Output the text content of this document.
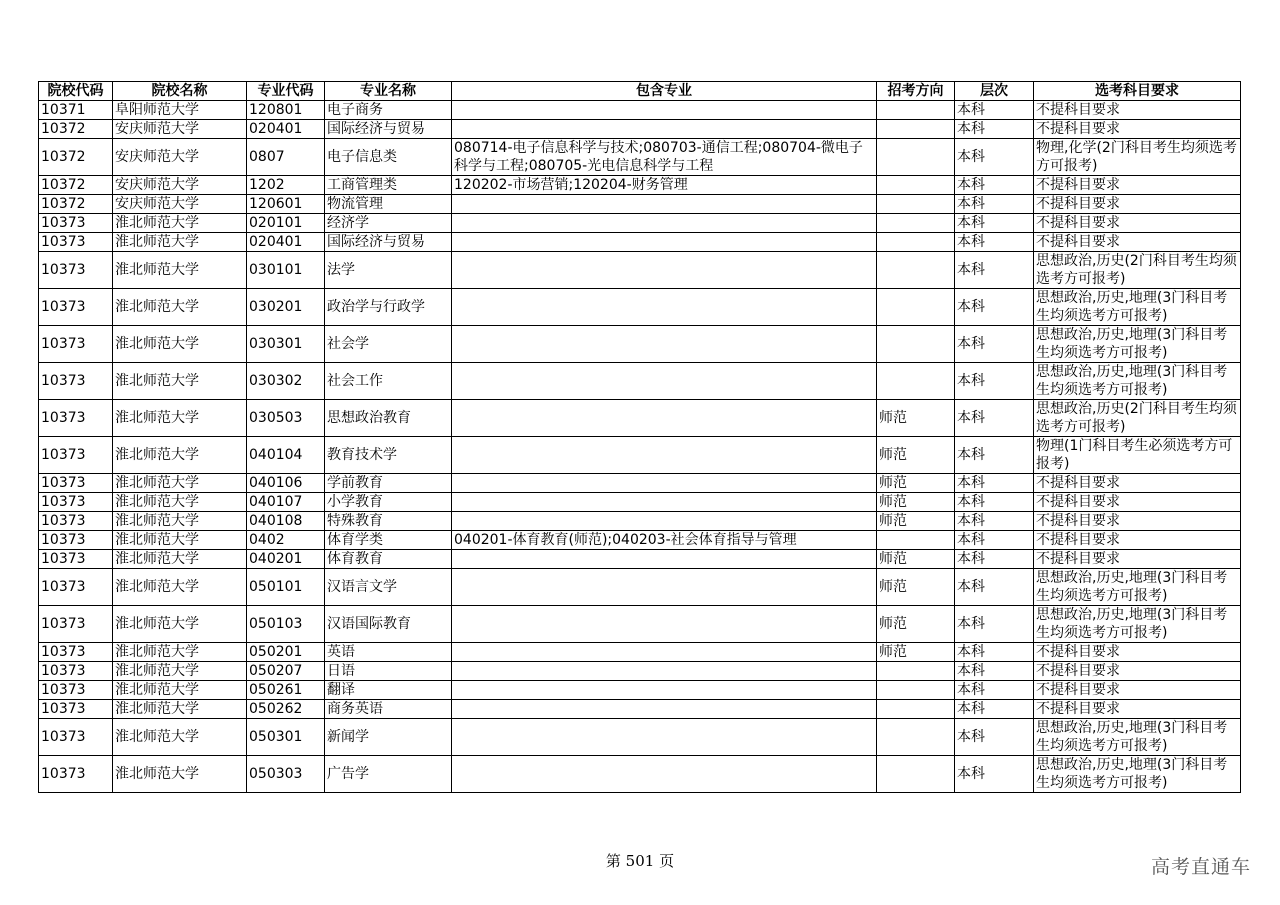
院校代码	院校名称	专业代码	专业名称	包含专业	招考方向	层次	选考科目要求
10371	阜阳师范大学	120801	电子商务			本科	不提科目要求
10372	安庆师范大学	020401	国际经济与贸易			本科	不提科目要求
10372	安庆师范大学	0807	电子信息类	080714-电子信息科学与技术;080703-通信工程;080704-微电子科学与工程;080705-光电信息科学与工程		本科	物理,化学(2门科目考生均须选考方可报考)
10372	安庆师范大学	1202	工商管理类	120202-市场营销;120204-财务管理		本科	不提科目要求
10372	安庆师范大学	120601	物流管理			本科	不提科目要求
10373	淮北师范大学	020101	经济学			本科	不提科目要求
10373	淮北师范大学	020401	国际经济与贸易			本科	不提科目要求
10373	淮北师范大学	030101	法学			本科	思想政治,历史(2门科目考生均须选考方可报考)
10373	淮北师范大学	030201	政治学与行政学			本科	思想政治,历史,地理(3门科目考生均须选考方可报考)
10373	淮北师范大学	030301	社会学			本科	思想政治,历史,地理(3门科目考生均须选考方可报考)
10373	淮北师范大学	030302	社会工作			本科	思想政治,历史,地理(3门科目考生均须选考方可报考)
10373	淮北师范大学	030503	思想政治教育		师范	本科	思想政治,历史(2门科目考生均须选考方可报考)
10373	淮北师范大学	040104	教育技术学		师范	本科	物理(1门科目考生必须选考方可报考)
10373	淮北师范大学	040106	学前教育		师范	本科	不提科目要求
10373	淮北师范大学	040107	小学教育		师范	本科	不提科目要求
10373	淮北师范大学	040108	特殊教育		师范	本科	不提科目要求
10373	淮北师范大学	0402	体育学类	040201-体育教育(师范);040203-社会体育指导与管理		本科	不提科目要求
10373	淮北师范大学	040201	体育教育		师范	本科	不提科目要求
10373	淮北师范大学	050101	汉语言文学		师范	本科	思想政治,历史,地理(3门科目考生均须选考方可报考)
10373	淮北师范大学	050103	汉语国际教育		师范	本科	思想政治,历史,地理(3门科目考生均须选考方可报考)
10373	淮北师范大学	050201	英语		师范	本科	不提科目要求
10373	淮北师范大学	050207	日语			本科	不提科目要求
10373	淮北师范大学	050261	翻译			本科	不提科目要求
10373	淮北师范大学	050262	商务英语			本科	不提科目要求
10373	淮北师范大学	050301	新闻学			本科	思想政治,历史,地理(3门科目考生均须选考方可报考)
10373	淮北师范大学	050303	广告学			本科	思想政治,历史,地理(3门科目考生均须选考方可报考)
第 501 页	高考直通车
